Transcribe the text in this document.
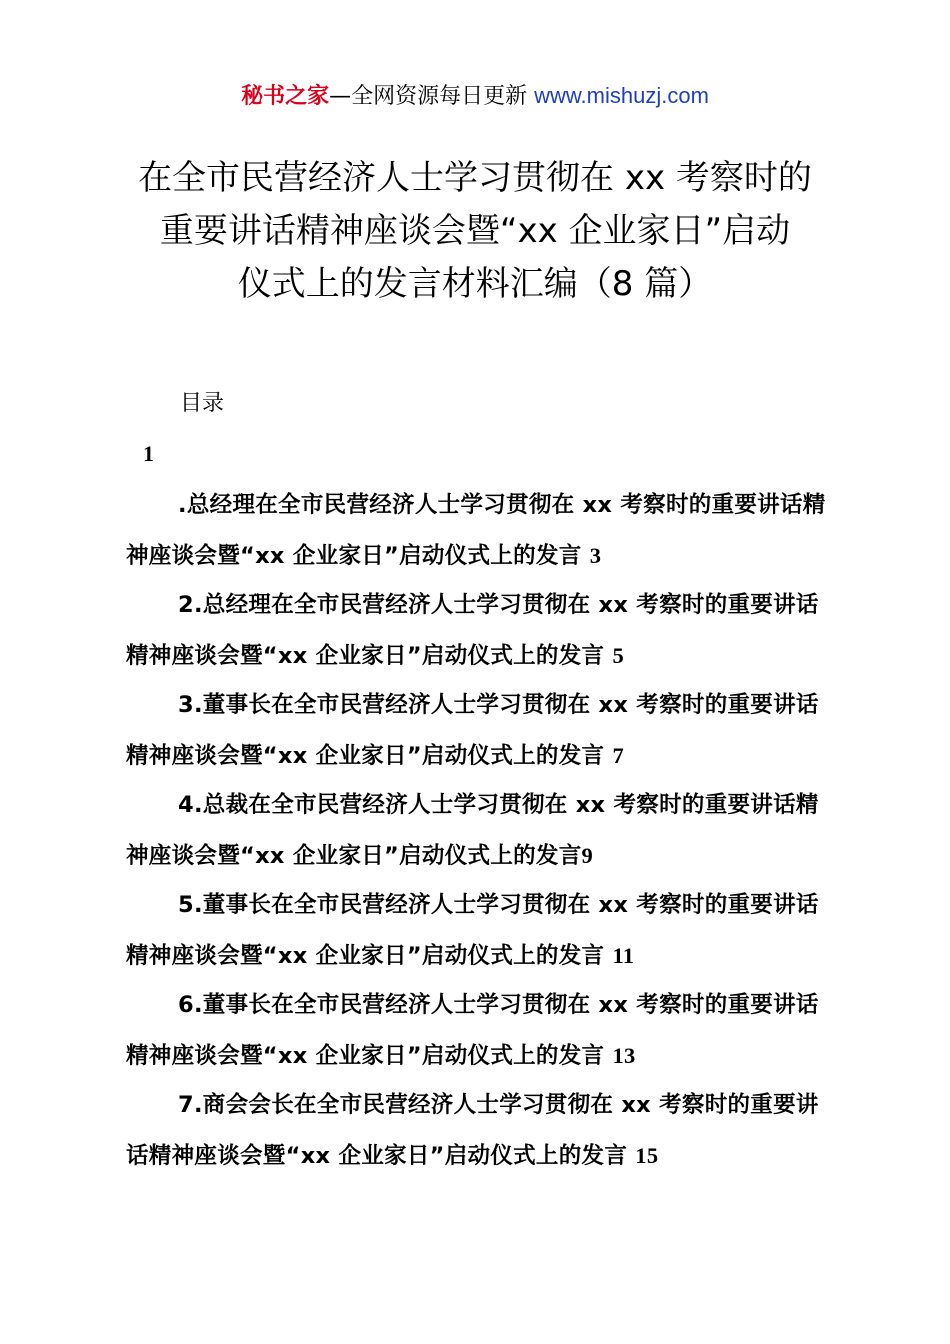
秘书之家—全网资源每日更新 www.mishuzj.com
在全市民营经济人士学习贯彻在 xx 考察时的
重要讲话精神座谈会暨“xx 企业家日”启动
仪式上的发言材料汇编（8 篇）
目录
1
.总经理在全市民营经济人士学习贯彻在 xx 考察时的重要讲话精神座谈会暨“xx 企业家日”启动仪式上的发言 3
2.总经理在全市民营经济人士学习贯彻在 xx 考察时的重要讲话精神座谈会暨“xx 企业家日”启动仪式上的发言 5
3.董事长在全市民营经济人士学习贯彻在 xx 考察时的重要讲话精神座谈会暨“xx 企业家日”启动仪式上的发言 7
4.总裁在全市民营经济人士学习贯彻在 xx 考察时的重要讲话精神座谈会暨“xx 企业家日”启动仪式上的发言9
5.董事长在全市民营经济人士学习贯彻在 xx 考察时的重要讲话精神座谈会暨“xx 企业家日”启动仪式上的发言 11
6.董事长在全市民营经济人士学习贯彻在 xx 考察时的重要讲话精神座谈会暨“xx 企业家日”启动仪式上的发言 13
7.商会会长在全市民营经济人士学习贯彻在 xx 考察时的重要讲话精神座谈会暨“xx 企业家日”启动仪式上的发言 15
